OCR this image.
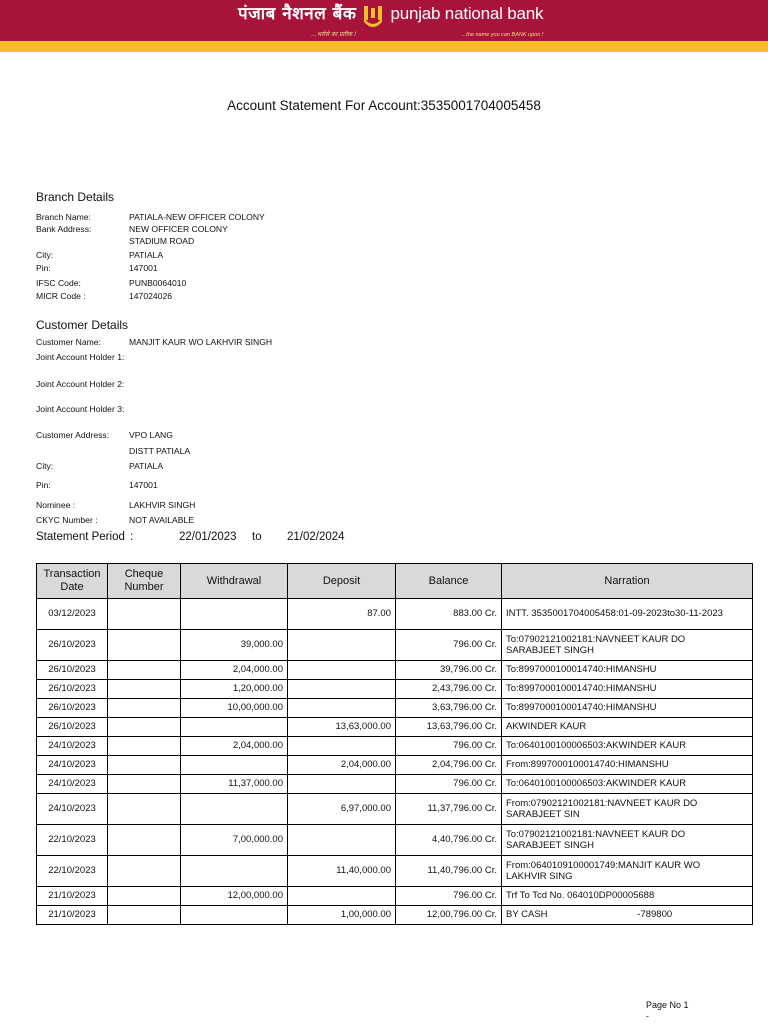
पंजाब नैशनल बैंक
...भरोसे का प्रतीक !
punjab national bank
...the name you can BANK upon !
Account Statement For Account:3535001704005458
Branch Details
Branch Name:	PATIALA-NEW OFFICER COLONY
Bank Address:	NEW OFFICER COLONY
STADIUM ROAD
City:	PATIALA
Pin:	147001
IFSC Code:	PUNB0064010
MICR Code :	147024026
Customer Details
Customer Name:	MANJIT KAUR WO LAKHVIR SINGH
Joint Account Holder 1:
Joint Account Holder 2:
Joint Account Holder 3:
Customer Address: VPO LANG
DISTT PATIALA
City:	PATIALA
Pin:	147001
Nominee :	LAKHVIR SINGH
CKYC Number :	NOT AVAILABLE
Statement Period :	22/01/2023 to 21/02/2024
Transaction
Date	Cheque
Number	Withdrawal	Deposit	Balance	Narration
03/12/2023			87.00	883.00 Cr.	INTT. 3535001704005458:01-09-2023to30-11-2023

26/10/2023		39,000.00		796.00 Cr.	To:07902121002181:NAVNEET KAUR DO
SARABJEET SINGH

26/10/2023		2,04,000.00		39,796.00 Cr.	To:8997000100014740:HIMANSHU

26/10/2023		1,20,000.00		2,43,796.00 Cr.	To:8997000100014740:HIMANSHU

26/10/2023		10,00,000.00		3,63,796.00 Cr.	To:8997000100014740:HIMANSHU

26/10/2023			13,63,000.00	13,63,796.00 Cr.	AKWINDER KAUR

24/10/2023		2,04,000.00		796.00 Cr.	To:0640100100006503:AKWINDER KAUR

24/10/2023			2,04,000.00	2,04,796.00 Cr.	From:8997000100014740:HIMANSHU

24/10/2023		11,37,000.00		796.00 Cr.	To:0640100100006503:AKWINDER KAUR

24/10/2023			6,97,000.00	11,37,796.00 Cr.	From:07902121002181:NAVNEET KAUR DO
SARABJEET SIN

22/10/2023		7,00,000.00		4,40,796.00 Cr.	To:07902121002181:NAVNEET KAUR DO
SARABJEET SINGH

22/10/2023			11,40,000.00	11,40,796.00 Cr.	From:0640109100001749:MANJIT KAUR WO
LAKHVIR SING

21/10/2023		12,00,000.00		796.00 Cr.	Trf To Tcd No. 064010DP00005688

21/10/2023			1,00,000.00	12,00,796.00 Cr.	BY CASH                                  -789800
Page No 1
-
